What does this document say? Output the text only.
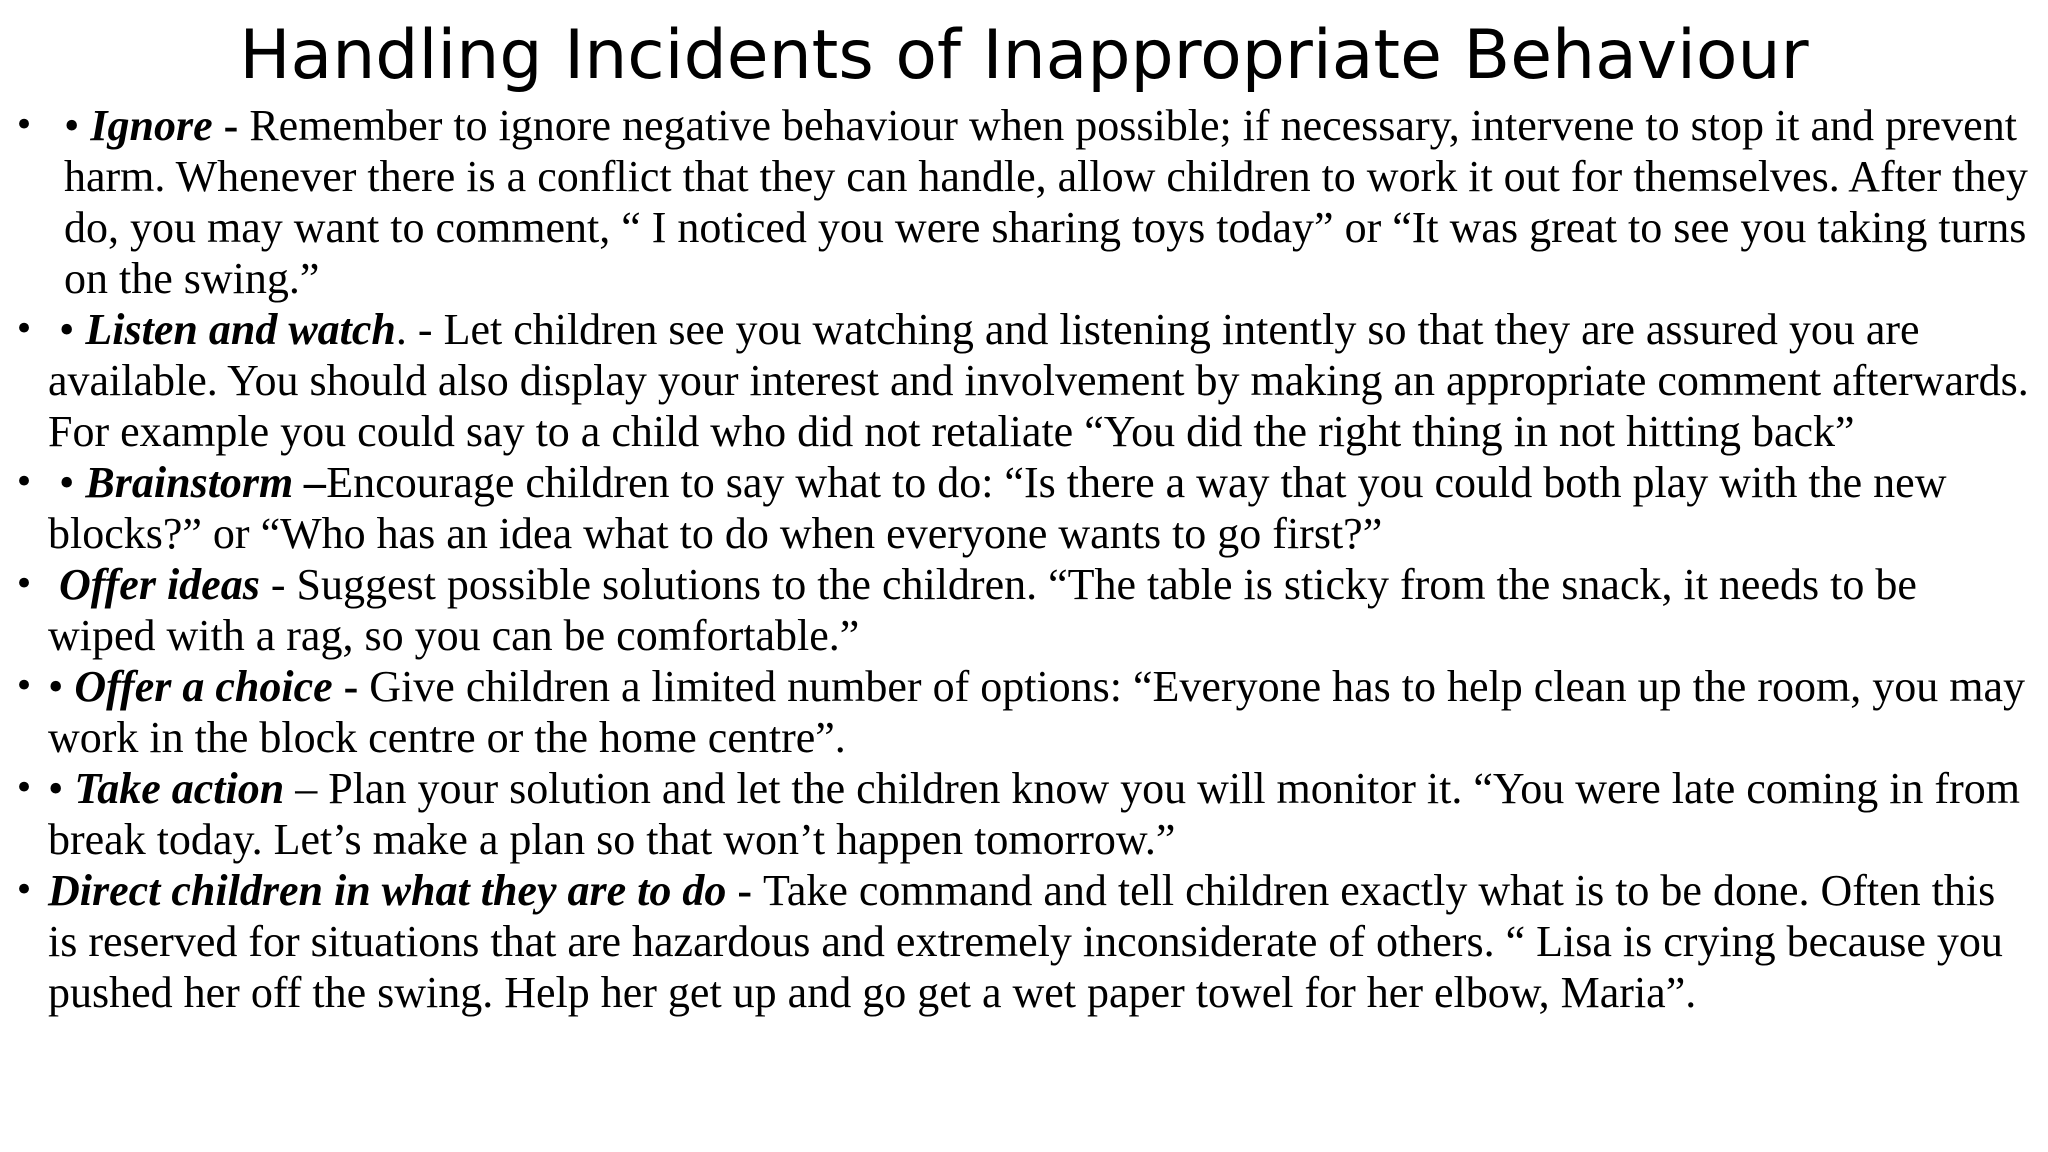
Handling Incidents of Inappropriate Behaviour
• • Ignore - Remember to ignore negative behaviour when possible; if necessary, intervene to stop it and prevent harm. Whenever there is a conflict that they can handle, allow children to work it out for themselves. After they do, you may want to comment, “ I noticed you were sharing toys today” or “It was great to see you taking turns on the swing.”
• • Listen and watch. - Let children see you watching and listening intently so that they are assured you are available. You should also display your interest and involvement by making an appropriate comment afterwards. For example you could say to a child who did not retaliate “You did the right thing in not hitting back”
• • Brainstorm –Encourage children to say what to do: “Is there a way that you could both play with the new blocks?” or “Who has an idea what to do when everyone wants to go first?”
• Offer ideas - Suggest possible solutions to the children. “The table is sticky from the snack, it needs to be wiped with a rag, so you can be comfortable.”
• • Offer a choice - Give children a limited number of options: “Everyone has to help clean up the room, you may work in the block centre or the home centre”.
• • Take action – Plan your solution and let the children know you will monitor it. “You were late coming in from break today. Let’s make a plan so that won’t happen tomorrow.”
• Direct children in what they are to do - Take command and tell children exactly what is to be done. Often this is reserved for situations that are hazardous and extremely inconsiderate of others. “ Lisa is crying because you pushed her off the swing. Help her get up and go get a wet paper towel for her elbow, Maria”.
